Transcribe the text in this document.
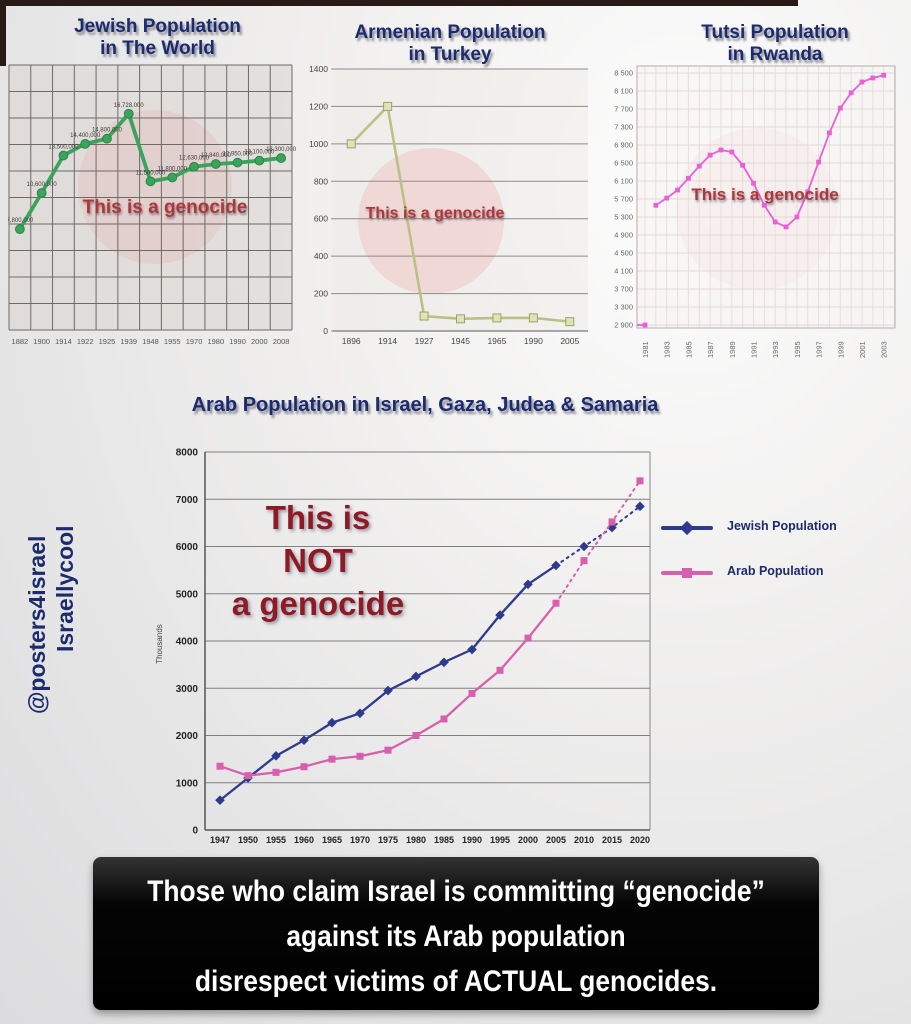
Jewish Population
in The World
Armenian Population
in Turkey
Tutsi Population
in Rwanda
Arab Population in Israel, Gaza, Judea & Samaria
7,800,000
10,600,000
13,500,000
14,400,000
14,800,000
16,728,000
11,500,000
11,800,000
12,630,000
12,840,000
12,950,000
13,100,000
13,300,000
1882 1900 1914 1922 1925 1939 1948 1955 1970 1980 1990 2000 2008
0
200
400
600
800
1000
1200
1400
1896 1914 1927 1945 1965 1990 2005
8 500
8 100
7 700
7 300
6 900
6 500
6 100
5 700
5 300
4 900
4 500
4 100
3 700
3 300
2 900
1981 1983 1985 1987 1989 1991 1993 1995 1997 1999 2001 2003
0
1000
2000
3000
4000
5000
6000
7000
8000
Thousands
1947 1950 1955 1960 1965 1970 1975 1980 1985 1990 1995 2000 2005 2010 2015 2020
This is a genocide	This is a genocide
This is a genocide
This is
NOT
a genocide
Jewish Population
Arab Population
@posters4israel Israellycool
Those who claim Israel is committing “genocide”
against its Arab population
disrespect victims of ACTUAL genocides.
